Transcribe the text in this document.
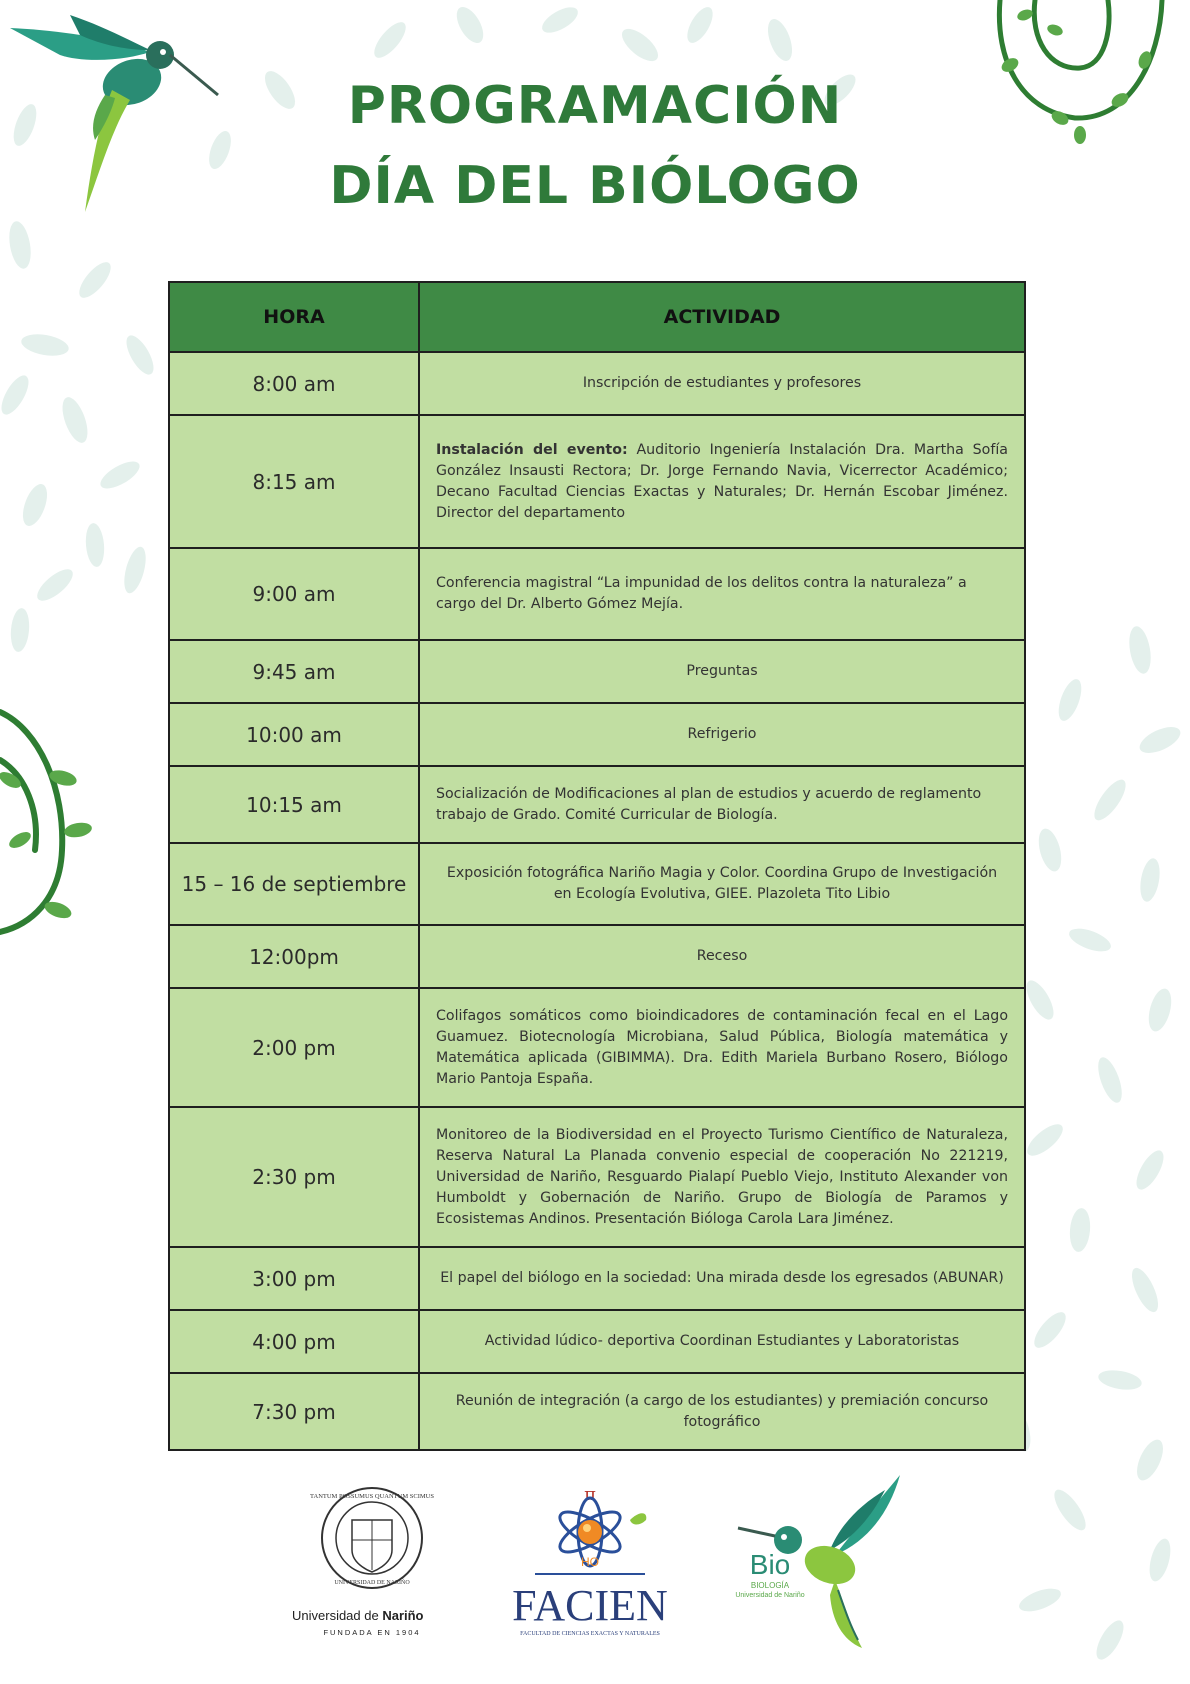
PROGRAMACIÓN
DÍA DEL BIÓLOGO
HORA	ACTIVIDAD
8:00 am	Inscripción de estudiantes y profesores
8:15 am	Instalación del evento: Auditorio Ingeniería Instalación Dra. Martha Sofía González Insausti Rectora; Dr. Jorge Fernando Navia, Vicerrector Académico; Decano Facultad Ciencias Exactas y Naturales; Dr. Hernán Escobar Jiménez. Director del departamento
9:00 am	Conferencia magistral “La impunidad de los delitos contra la naturaleza” a cargo del Dr. Alberto Gómez Mejía.
9:45 am	Preguntas
10:00 am	Refrigerio
10:15 am	Socialización de Modificaciones al plan de estudios y acuerdo de reglamento trabajo de Grado. Comité Curricular de Biología.
15 – 16 de septiembre	Exposición fotográfica Nariño Magia y Color. Coordina Grupo de Investigación en Ecología Evolutiva, GIEE. Plazoleta Tito Libio
12:00pm	Receso
2:00 pm	Colifagos somáticos como bioindicadores de contaminación fecal en el Lago Guamuez. Biotecnología Microbiana, Salud Pública, Biología matemática y Matemática aplicada (GIBIMMA). Dra. Edith Mariela Burbano Rosero, Biólogo Mario Pantoja España.
2:30 pm	Monitoreo de la Biodiversidad en el Proyecto Turismo Científico de Naturaleza, Reserva Natural La Planada convenio especial de cooperación No 221219, Universidad de Nariño, Resguardo Pialapí Pueblo Viejo, Instituto Alexander von Humboldt y Gobernación de Nariño. Grupo de Biología de Paramos y Ecosistemas Andinos. Presentación Bióloga Carola Lara Jiménez.
3:00 pm	El papel del biólogo en la sociedad: Una mirada desde los egresados (ABUNAR)
4:00 pm	Actividad lúdico- deportiva Coordinan Estudiantes y Laboratoristas
7:30 pm	Reunión de integración (a cargo de los estudiantes) y premiación concurso fotográfico
TANTUM POSSUMUS QUANTUM SCIMUS
UNIVERSIDAD DE NARIÑO
Universidad de Nariño
FUNDADA EN 1904
π
HO
FACIEN
FACULTAD DE CIENCIAS EXACTAS Y NATURALES
Bio
BIOLOGÍA
Universidad de Nariño
